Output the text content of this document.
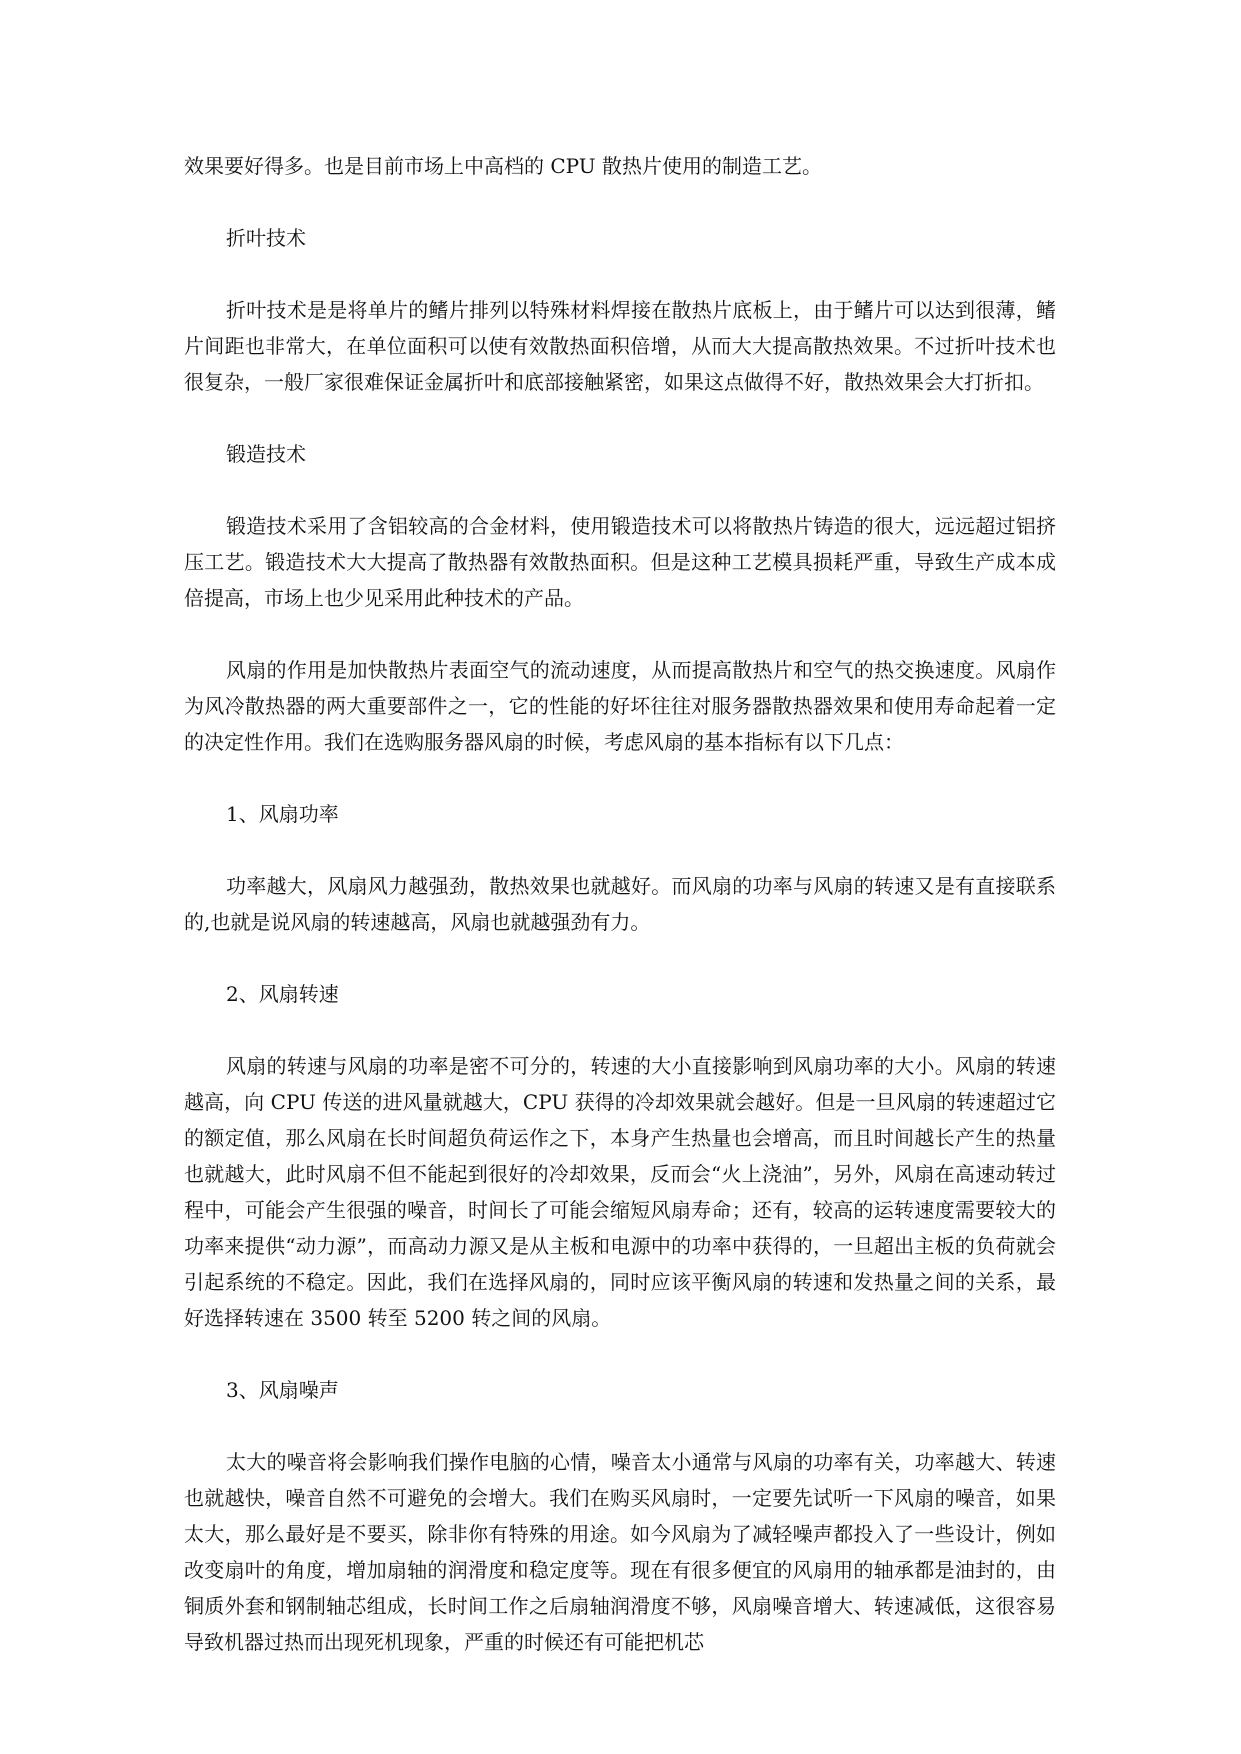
效果要好得多。也是目前市场上中高档的 CPU 散热片使用的制造工艺。

折叶技术

折叶技术是是将单片的鳍片排列以特殊材料焊接在散热片底板上，由于鳍片可以达到很薄，鳍片间距也非常大，在单位面积可以使有效散热面积倍增，从而大大提高散热效果。不过折叶技术也很复杂，一般厂家很难保证金属折叶和底部接触紧密，如果这点做得不好，散热效果会大打折扣。

锻造技术

锻造技术采用了含铝较高的合金材料，使用锻造技术可以将散热片铸造的很大，远远超过铝挤压工艺。锻造技术大大提高了散热器有效散热面积。但是这种工艺模具损耗严重，导致生产成本成倍提高，市场上也少见采用此种技术的产品。

风扇的作用是加快散热片表面空气的流动速度，从而提高散热片和空气的热交换速度。风扇作为风冷散热器的两大重要部件之一，它的性能的好坏往往对服务器散热器效果和使用寿命起着一定的决定性作用。我们在选购服务器风扇的时候，考虑风扇的基本指标有以下几点：

1、风扇功率

功率越大，风扇风力越强劲，散热效果也就越好。而风扇的功率与风扇的转速又是有直接联系的,也就是说风扇的转速越高，风扇也就越强劲有力。

2、风扇转速

风扇的转速与风扇的功率是密不可分的，转速的大小直接影响到风扇功率的大小。风扇的转速越高，向 CPU 传送的进风量就越大，CPU 获得的冷却效果就会越好。但是一旦风扇的转速超过它的额定值，那么风扇在长时间超负荷运作之下，本身产生热量也会增高，而且时间越长产生的热量也就越大，此时风扇不但不能起到很好的冷却效果，反而会“火上浇油”，另外，风扇在高速动转过程中，可能会产生很强的噪音，时间长了可能会缩短风扇寿命；还有，较高的运转速度需要较大的功率来提供“动力源”，而高动力源又是从主板和电源中的功率中获得的，一旦超出主板的负荷就会引起系统的不稳定。因此，我们在选择风扇的，同时应该平衡风扇的转速和发热量之间的关系，最好选择转速在 3500 转至 5200 转之间的风扇。

3、风扇噪声

太大的噪音将会影响我们操作电脑的心情，噪音太小通常与风扇的功率有关，功率越大、转速也就越快，噪音自然不可避免的会增大。我们在购买风扇时，一定要先试听一下风扇的噪音，如果太大，那么最好是不要买，除非你有特殊的用途。如今风扇为了减轻噪声都投入了一些设计，例如改变扇叶的角度，增加扇轴的润滑度和稳定度等。现在有很多便宜的风扇用的轴承都是油封的，由铜质外套和钢制轴芯组成，长时间工作之后扇轴润滑度不够，风扇噪音增大、转速减低，这很容易导致机器过热而出现死机现象，严重的时候还有可能把机芯
